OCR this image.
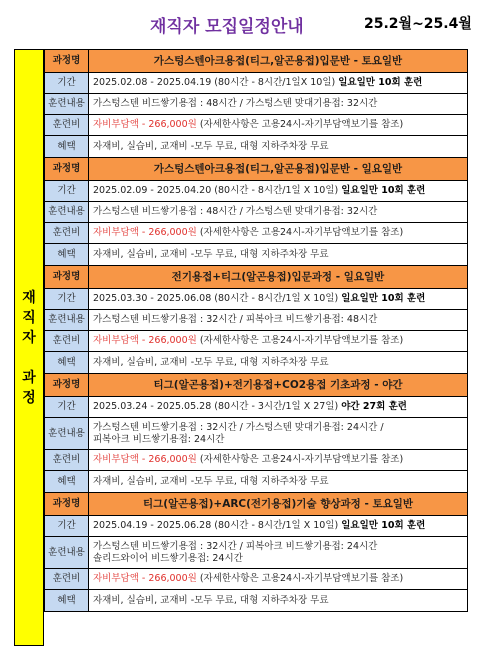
재직자 모집일정안내	25.2월~25.4월
재
직
자

과
정
과정명	가스텅스텐아크용접(티그,알곤용접)입문반 - 토요일반
기간	2025.02.08 - 2025.04.19 (80시간 - 8시간/1일X 10일) 일요일만 10회 훈련
훈련내용	가스텅스텐 비드쌓기용접 : 48시간 / 가스텅스텐 맞대기용접: 32시간
훈련비	자비부담액 - 266,000원 (자세한사항은 고용24시-자기부담액보기를 참조)
혜택	자재비, 실습비, 교재비 -모두 무료, 대형 지하주차장 무료
과정명	가스텅스텐아크용접(티그,알곤용접)입문반 - 일요일반
기간	2025.02.09 - 2025.04.20 (80시간 - 8시간/1일 X 10일) 일요일만 10회 훈련
훈련내용	가스텅스텐 비드쌓기용접 : 48시간 / 가스텅스텐 맞대기용접: 32시간
훈련비	자비부담액 - 266,000원 (자세한사항은 고용24시-자기부담액보기를 참조)
혜택	자재비, 실습비, 교재비 -모두 무료, 대형 지하주차장 무료
과정명	전기용접+티그(알곤용접)입문과정 - 일요일반
기간	2025.03.30 - 2025.06.08 (80시간 - 8시간/1일 X 10일) 일요일만 10회 훈련
훈련내용	가스텅스텐 비드쌓기용접 : 32시간 / 피복아크 비드쌓기용접: 48시간
훈련비	자비부담액 - 266,000원 (자세한사항은 고용24시-자기부담액보기를 참조)
혜택	자재비, 실습비, 교재비 -모두 무료, 대형 지하주차장 무료
과정명	티그(알곤용접)+전기용접+CO2용접 기초과정 - 야간
기간	2025.03.24 - 2025.05.28 (80시간 - 3시간/1일 X 27일) 야간 27회 훈련
훈련내용	가스텅스텐 비드쌓기용접 : 32시간 / 가스텅스텐 맞대기용접: 24시간 /
피복아크 비드쌓기용접: 24시간
훈련비	자비부담액 - 266,000원 (자세한사항은 고용24시-자기부담액보기를 참조)
혜택	자재비, 실습비, 교재비 -모두 무료, 대형 지하주차장 무료
과정명	티그(알곤용접)+ARC(전기용접)기술 향상과정 - 토요일반
기간	2025.04.19 - 2025.06.28 (80시간 - 8시간/1일 X 10일) 일요일만 10회 훈련
훈련내용	가스텅스텐 비드쌓기용접 : 32시간 / 피복아크 비드쌓기용접: 24시간
솔리드와이어 비드쌓기용접: 24시간
훈련비	자비부담액 - 266,000원 (자세한사항은 고용24시-자기부담액보기를 참조)
혜택	자재비, 실습비, 교재비 -모두 무료, 대형 지하주차장 무료
